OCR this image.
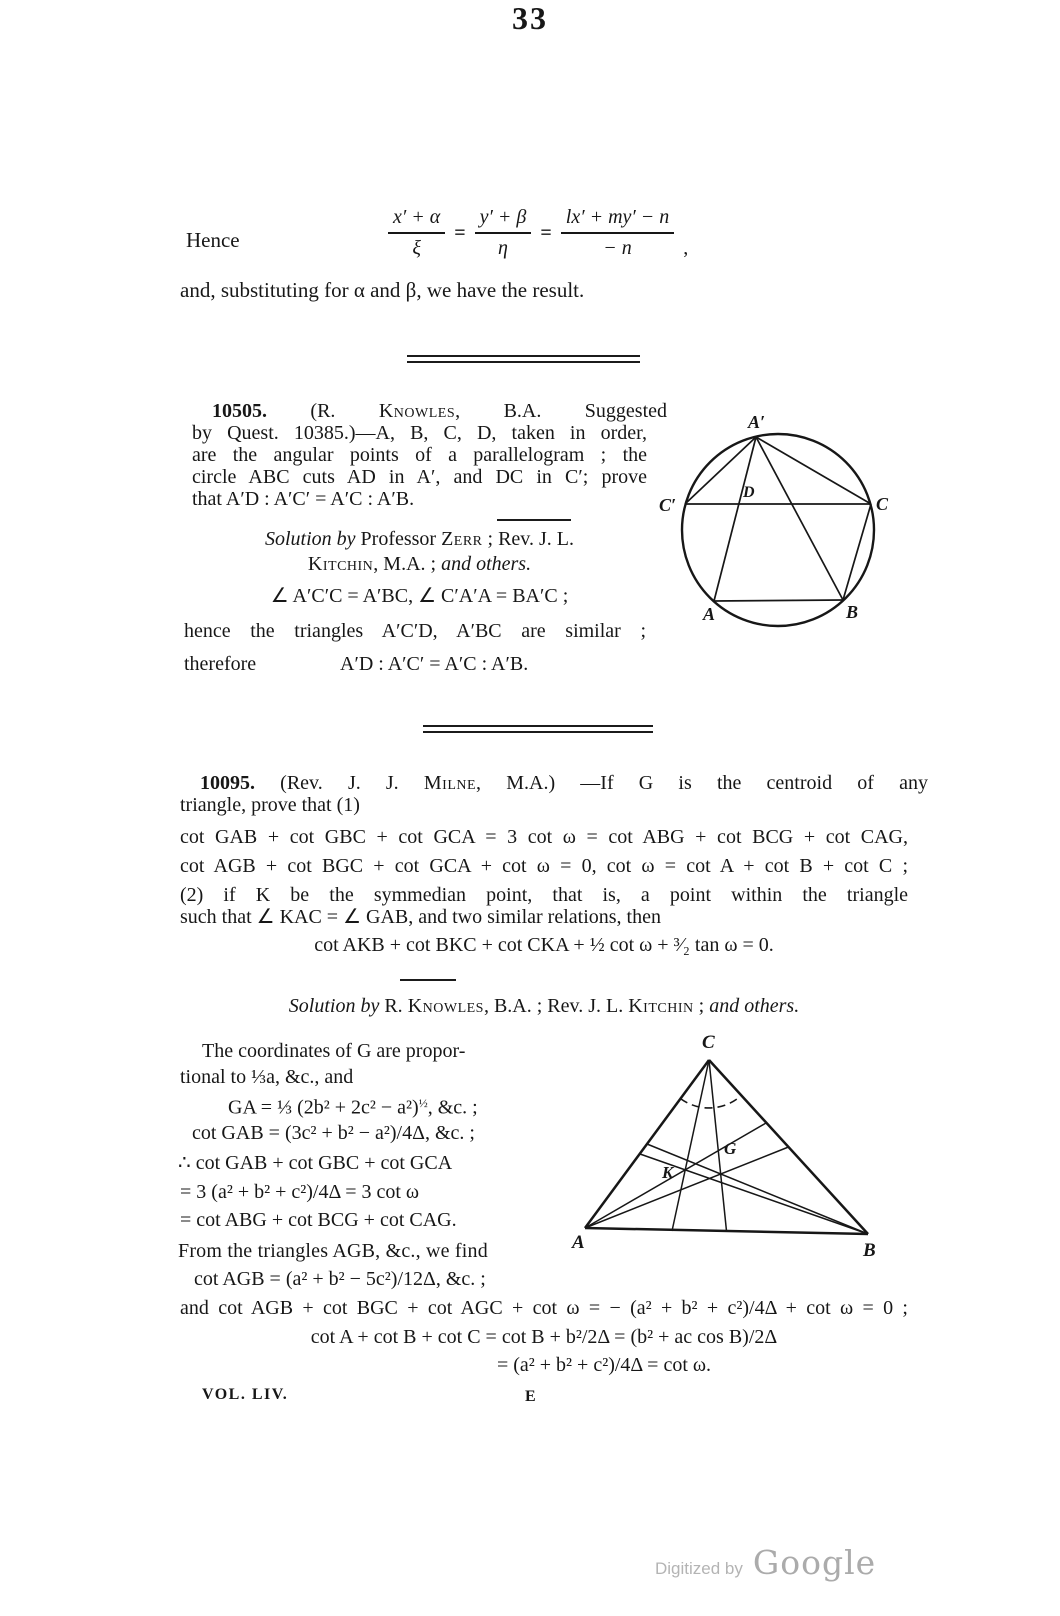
33
Hence	$\frac{x' + \alpha}{\xi} = \frac{y' + \beta}{\eta} = \frac{lx' + my' - n}{- n}$ ,
and, substituting for α and β, we have the result.
10505. (R. Knowles, B.A. Suggested
by Quest. 10385.)—A, B, C, D, taken in order,
are the angular points of a parallelogram ; the
circle ABC cuts AD in A′, and DC in C′; prove
that A′D : A′C′ = A′C : A′B.
Solution by Professor Zerr ; Rev. J. L.
Kitchin, M.A. ; and others.
∠ A′C′C = A′BC, ∠ C′A′A = BA′C ;
hence the triangles A′C′D, A′BC are similar ;
therefore	A′D : A′C′ = A′C : A′B.
A′
C′	C
D
A	B
10095. (Rev. J. J. Milne, M.A.) —If G is the centroid of any
triangle, prove that (1)
cot GAB + cot GBC + cot GCA = 3 cot ω = cot ABG + cot BCG + cot CAG,
cot AGB + cot BGC + cot GCA + cot ω = 0, cot ω = cot A + cot B + cot C ;
(2) if K be the symmedian point, that is, a point within the triangle
such that ∠ KAC = ∠ GAB, and two similar relations, then
cot AKB + cot BKC + cot CKA + ½ cot ω + ³⁄₂ tan ω = 0.
Solution by R. Knowles, B.A. ; Rev. J. L. Kitchin ; and others.
The coordinates of G are propor-
tional to ⅓a, &c., and
GA = ⅓ $(2b^2 + 2c^2 - a^2)^{\frac{1}{2}}$, &c. ;
cot GAB = (3c² + b² − a²)/4Δ, &c. ;
∴ cot GAB + cot GBC + cot GCA
= 3 (a² + b² + c²)/4Δ = 3 cot ω
= cot ABG + cot BCG + cot CAG.
From the triangles AGB, &c., we find
cot AGB = (a² + b² − 5c²)/12Δ, &c. ;
and cot AGB + cot BGC + cot AGC + cot ω = − (a² + b² + c²)/4Δ + cot ω = 0 ;
cot A + cot B + cot C = cot B + b²/2Δ = (b² + ac cos B)/2Δ
= (a² + b² + c²)/4Δ = cot ω.
C
A	B
K
G
VOL. LIV.	E
Digitized by Google
